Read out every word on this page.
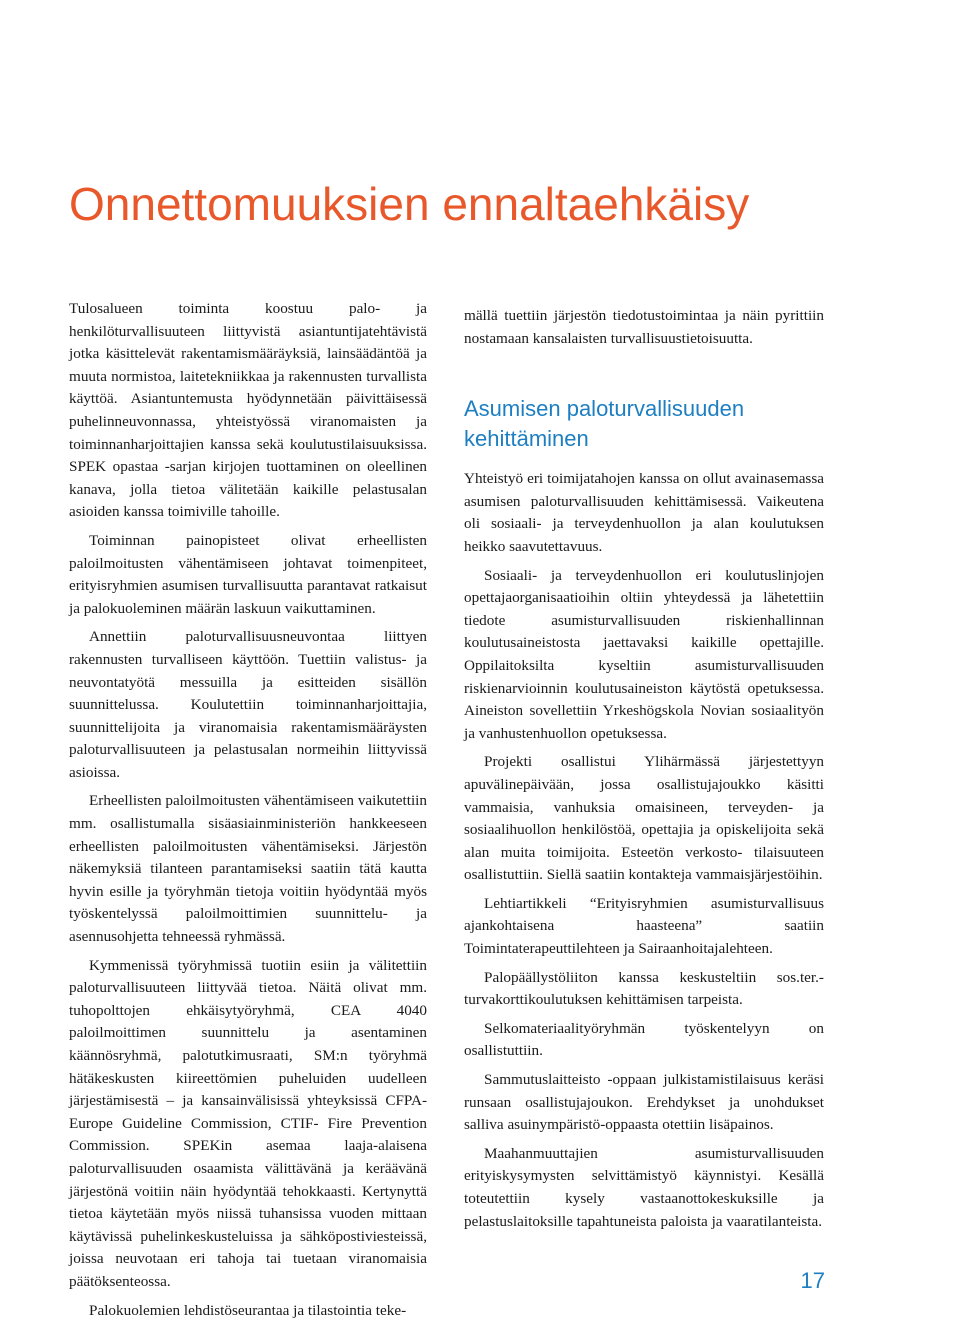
Onnettomuuksien ennaltaehkäisy

Tulosalueen toiminta koostuu palo- ja henkilöturvallisuuteen liittyvistä asiantuntijatehtävistä jotka käsittelevät rakentamismääräyksiä, lainsäädäntöä ja muuta normistoa, laitetekniikkaa ja rakennusten turvallista käyttöä. Asiantuntemusta hyödynnetään päivittäisessä puhelinneuvonnassa, yhteistyössä viranomaisten ja toiminnanharjoittajien kanssa sekä koulutustilaisuuksissa. SPEK opastaa -sarjan kirjojen tuottaminen on oleellinen kanava, jolla tietoa välitetään kaikille pelastusalan asioiden kanssa toimiville tahoille.

Toiminnan painopisteet olivat erheellisten paloilmoitusten vähentämiseen johtavat toimenpiteet, erityisryhmien asumisen turvallisuutta parantavat ratkaisut ja palokuoleminen määrän laskuun vaikuttaminen.

Annettiin paloturvallisuusneuvontaa liittyen rakennusten turvalliseen käyttöön. Tuettiin valistus- ja neuvontatyötä messuilla ja esitteiden sisällön suunnittelussa. Koulutettiin toiminnanharjoittajia, suunnittelijoita ja viranomaisia rakentamismääräysten paloturvallisuuteen ja pelastusalan normeihin liittyvissä asioissa.

Erheellisten paloilmoitusten vähentämiseen vaikutettiin mm. osallistumalla sisäasiainministeriön hankkeeseen erheellisten paloilmoitusten vähentämiseksi. Järjestön näkemyksiä tilanteen parantamiseksi saatiin tätä kautta hyvin esille ja työryhmän tietoja voitiin hyödyntää myös työskentelyssä paloilmoittimien suunnittelu- ja asennusohjetta tehneessä ryhmässä.

Kymmenissä työryhmissä tuotiin esiin ja välitettiin paloturvallisuuteen liittyvää tietoa. Näitä olivat mm. tuhopolttojen ehkäisytyöryhmä, CEA 4040 paloilmoittimen suunnittelu ja asentaminen käännösryhmä, palotutkimusraati, SM:n työryhmä hätäkeskusten kiireettömien puheluiden uudelleen järjestämisestä – ja kansainvälisissä yhteyksissä CFPA-Europe Guideline Commission, CTIF- Fire Prevention Commission. SPEKin asemaa laaja-alaisena paloturvallisuuden osaamista välittävänä ja keräävänä järjestönä voitiin näin hyödyntää tehokkaasti. Kertynyttä tietoa käytetään myös niissä tuhansissa vuoden mittaan käytävissä puhelinkeskusteluissa ja sähköpostiviesteissä, joissa neuvotaan eri tahoja tai tuetaan viranomaisia päätöksenteossa.

Palokuolemien lehdistöseurantaa ja tilastointia teke-

mällä tuettiin järjestön tiedotustoimintaa ja näin pyrittiin nostamaan kansalaisten turvallisuustietoisuutta.

Asumisen paloturvallisuuden kehittäminen

Yhteistyö eri toimijatahojen kanssa on ollut avainasemassa asumisen paloturvallisuuden kehittämisessä. Vaikeutena oli sosiaali- ja terveydenhuollon ja alan koulutuksen heikko saavutettavuus.

Sosiaali- ja terveydenhuollon eri koulutuslinjojen opettajaorganisaatioihin oltiin yhteydessä ja lähetettiin tiedote asumisturvallisuuden riskienhallinnan koulutusaineistosta jaettavaksi kaikille opettajille. Oppilaitoksilta kyseltiin asumisturvallisuuden riskienarvioinnin koulutusaineiston käytöstä opetuksessa. Aineiston sovellettiin Yrkeshögskola Novian sosiaalityön ja vanhustenhuollon opetuksessa.

Projekti osallistui Ylihärmässä järjestettyyn apuvälinepäivään, jossa osallistujajoukko käsitti vammaisia, vanhuksia omaisineen, terveyden- ja sosiaalihuollon henkilöstöä, opettajia ja opiskelijoita sekä alan muita toimijoita. Esteetön verkosto- tilaisuuteen osallistuttiin. Siellä saatiin kontakteja vammaisjärjestöihin.

Lehtiartikkeli “Erityisryhmien asumisturvallisuus ajankohtaisena haasteena” saatiin Toimintaterapeuttilehteen ja Sairaanhoitajalehteen.

Palopäällystöliiton kanssa keskusteltiin sos.ter.-turvakorttikoulutuksen kehittämisen tarpeista.

Selkomateriaalityöryhmän työskentelyyn on osallistuttiin.

Sammutuslaitteisto -oppaan julkistamistilaisuus keräsi runsaan osallistujajoukon. Erehdykset ja unohdukset salliva asuinympäristö-oppaasta otettiin lisäpainos.

Maahanmuuttajien asumisturvallisuuden erityiskysymysten selvittämistyö käynnistyi. Kesällä toteutettiin kysely vastaanottokeskuksille ja pelastuslaitoksille tapahtuneista paloista ja vaaratilanteista.

17
